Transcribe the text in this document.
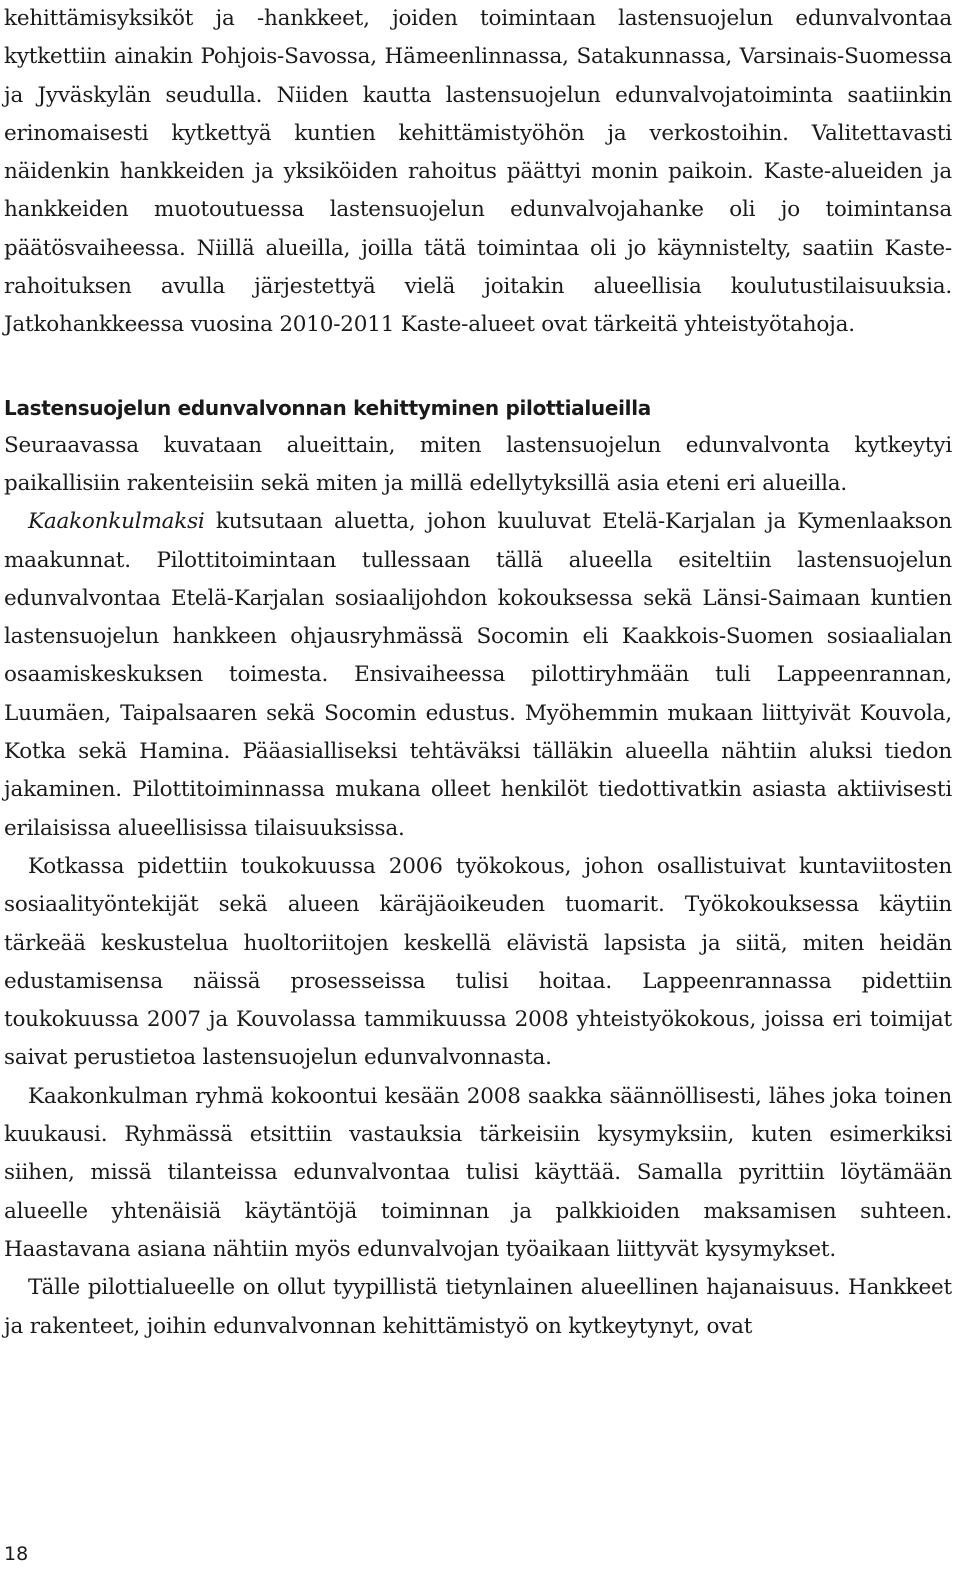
kehittämisyksiköt ja -hankkeet, joiden toimintaan lastensuojelun edunvalvontaa kytkettiin ainakin Pohjois-Savossa, Hämeenlinnassa, Satakunnassa, Varsinais-Suomessa ja Jyväskylän seudulla. Niiden kautta lastensuojelun edunvalvojatoiminta saatiinkin erinomaisesti kytkettyä kuntien kehittämistyöhön ja verkostoihin. Valitettavasti näidenkin hankkeiden ja yksiköiden rahoitus päättyi monin paikoin. Kaste-alueiden ja hankkeiden muotoutuessa lastensuojelun edunvalvojahanke oli jo toimintansa päätösvaiheessa. Niillä alueilla, joilla tätä toimintaa oli jo käynnistelty, saatiin Kaste-rahoituksen avulla järjestettyä vielä joitakin alueellisia koulutustilaisuuksia. Jatkohankkeessa vuosina 2010-2011 Kaste-alueet ovat tärkeitä yhteistyötahoja.

Lastensuojelun edunvalvonnan kehittyminen pilottialueilla

Seuraavassa kuvataan alueittain, miten lastensuojelun edunvalvonta kytkeytyi paikallisiin rakenteisiin sekä miten ja millä edellytyksillä asia eteni eri alueilla.

Kaakonkulmaksi kutsutaan aluetta, johon kuuluvat Etelä-Karjalan ja Kymenlaakson maakunnat. Pilottitoimintaan tullessaan tällä alueella esiteltiin lastensuojelun edunvalvontaa Etelä-Karjalan sosiaalijohdon kokouksessa sekä Länsi-Saimaan kuntien lastensuojelun hankkeen ohjausryhmässä Socomin eli Kaakkois-Suomen sosiaalialan osaamiskeskuksen toimesta. Ensivaiheessa pilottiryhmään tuli Lappeenrannan, Luumäen, Taipalsaaren sekä Socomin edustus. Myöhemmin mukaan liittyivät Kouvola, Kotka sekä Hamina. Pääasialliseksi tehtäväksi tälläkin alueella nähtiin aluksi tiedon jakaminen. Pilottitoiminnassa mukana olleet henkilöt tiedottivatkin asiasta aktiivisesti erilaisissa alueellisissa tilaisuuksissa.

Kotkassa pidettiin toukokuussa 2006 työkokous, johon osallistuivat kuntaviitosten sosiaalityöntekijät sekä alueen käräjäoikeuden tuomarit. Työkokouksessa käytiin tärkeää keskustelua huoltoriitojen keskellä elävistä lapsista ja siitä, miten heidän edustamisensa näissä prosesseissa tulisi hoitaa. Lappeenrannassa pidettiin toukokuussa 2007 ja Kouvolassa tammikuussa 2008 yhteistyökokous, joissa eri toimijat saivat perustietoa lastensuojelun edunvalvonnasta.

Kaakonkulman ryhmä kokoontui kesään 2008 saakka säännöllisesti, lähes joka toinen kuukausi. Ryhmässä etsittiin vastauksia tärkeisiin kysymyksiin, kuten esimerkiksi siihen, missä tilanteissa edunvalvontaa tulisi käyttää. Samalla pyrittiin löytämään alueelle yhtenäisiä käytäntöjä toiminnan ja palkkioiden maksamisen suhteen. Haastavana asiana nähtiin myös edunvalvojan työaikaan liittyvät kysymykset.

Tälle pilottialueelle on ollut tyypillistä tietynlainen alueellinen hajanaisuus. Hankkeet ja rakenteet, joihin edunvalvonnan kehittämistyö on kytkeytynyt, ovat

18
